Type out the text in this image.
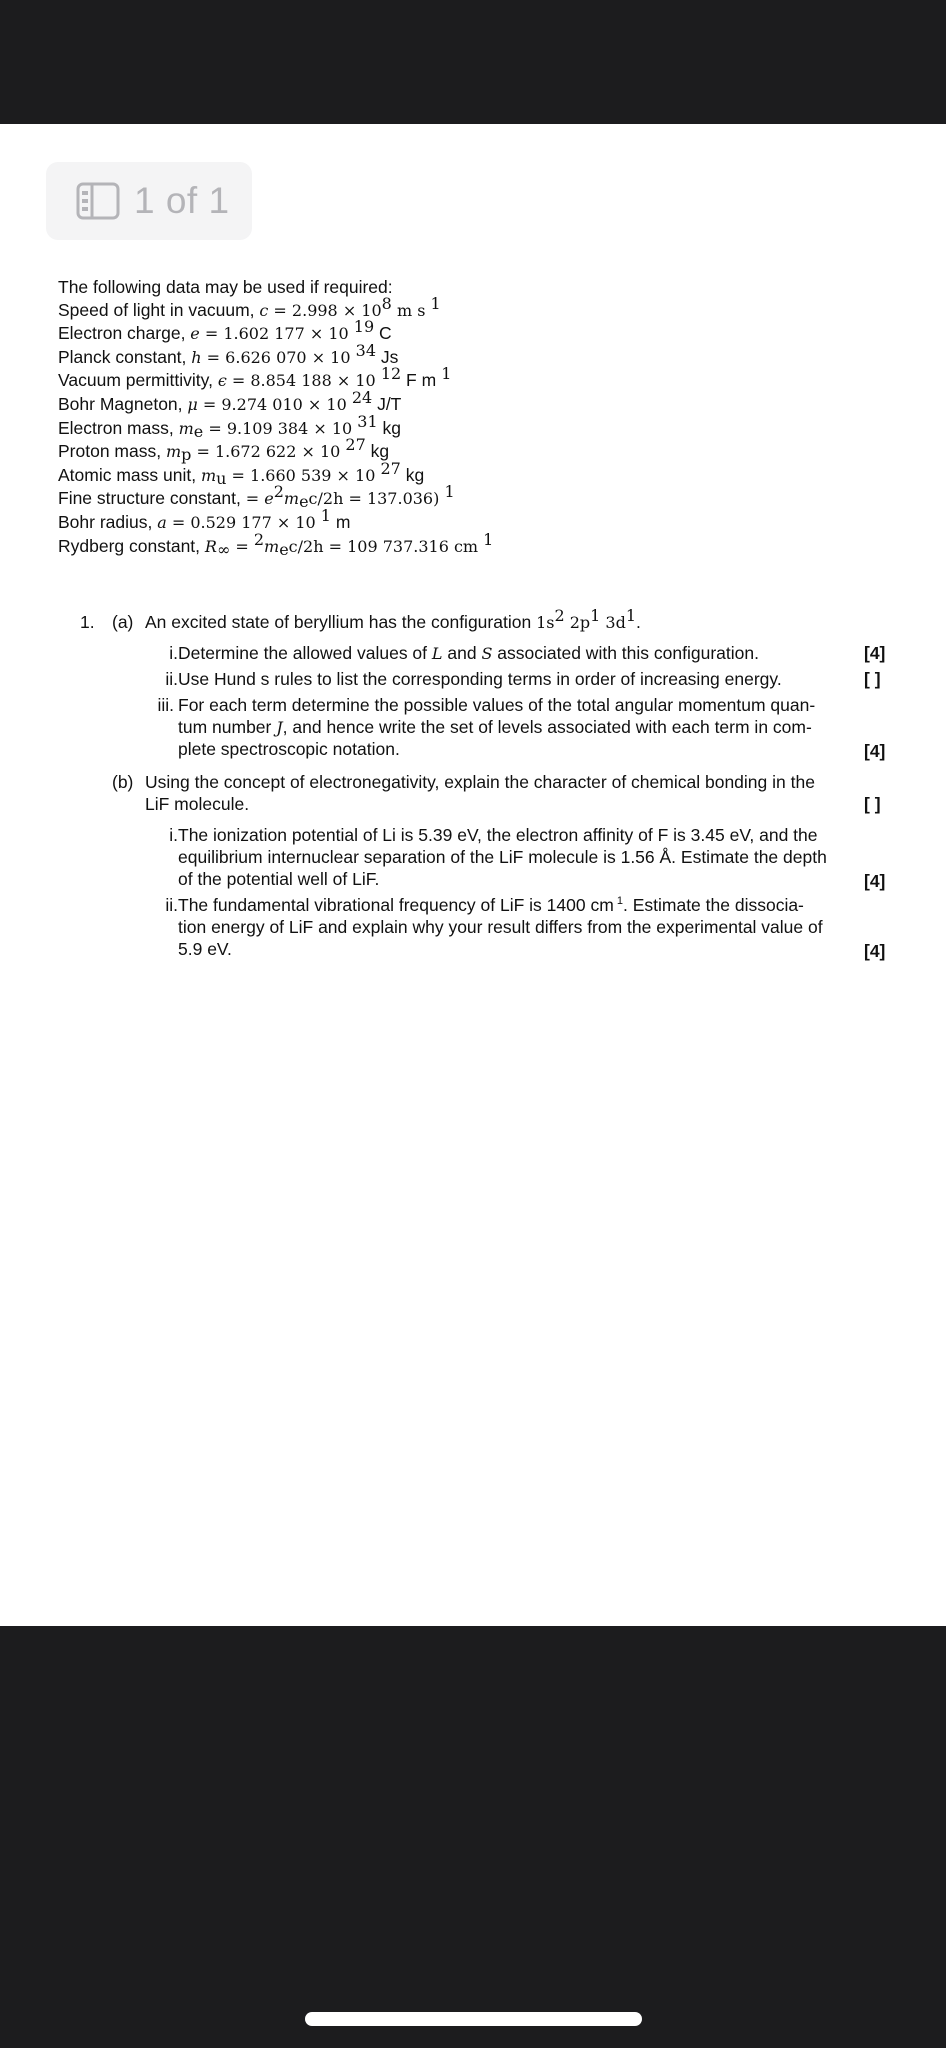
1 of 1
The following data may be used if required:
Speed of light in vacuum, $c = 2.998 \times 10^8$ m s $^1$
Electron charge, e = 1.602 177 × 10 $^{19}$ C
Planck constant, h = 6.626 070 × 10 $^{34}$ Js
Vacuum permittivity, ϵ = 8.854 188 × 10 $^{12}$ F m $^1$
Bohr Magneton, μ = 9.274 010 × 10 $^{24}$ J/T
Electron mass, $m_e = 9.109$ 384 × 10 $^{31}$ kg
Proton mass, $m_p = 1.672$ 622 × 10 $^{27}$ kg
Atomic mass unit, $m_u = 1.660$ 539 × 10 $^{27}$ kg
Fine structure constant, = $e^2m_ec/2h = 137.036$) $^1$
Bohr radius, a = 0.529 177 × 10 $^1$ m
Rydberg constant, $R_\infty = ^2m_ec/2h = 109$ 737.316 cm $^1$
1. (a) An excited state of beryllium has the configuration $1s^2$ $2p^1$ $3d^1$.
i. Determine the allowed values of L and S associated with this configuration.	[4]
ii. Use Hund s rules to list the corresponding terms in order of increasing energy.	[ ]
iii. For each term determine the possible values of the total angular momentum quan-
tum number J, and hence write the set of levels associated with each term in com-
plete spectroscopic notation.	[4]
(b) Using the concept of electronegativity, explain the character of chemical bonding in the
LiF molecule.	[ ]
i. The ionization potential of Li is 5.39 eV, the electron affinity of F is 3.45 eV, and the
equilibrium internuclear separation of the LiF molecule is 1.56 Å. Estimate the depth
of the potential well of LiF.	[4]
ii. The fundamental vibrational frequency of LiF is 1400 cm $^1$. Estimate the dissocia-
tion energy of LiF and explain why your result differs from the experimental value of
5.9 eV.	[4]
